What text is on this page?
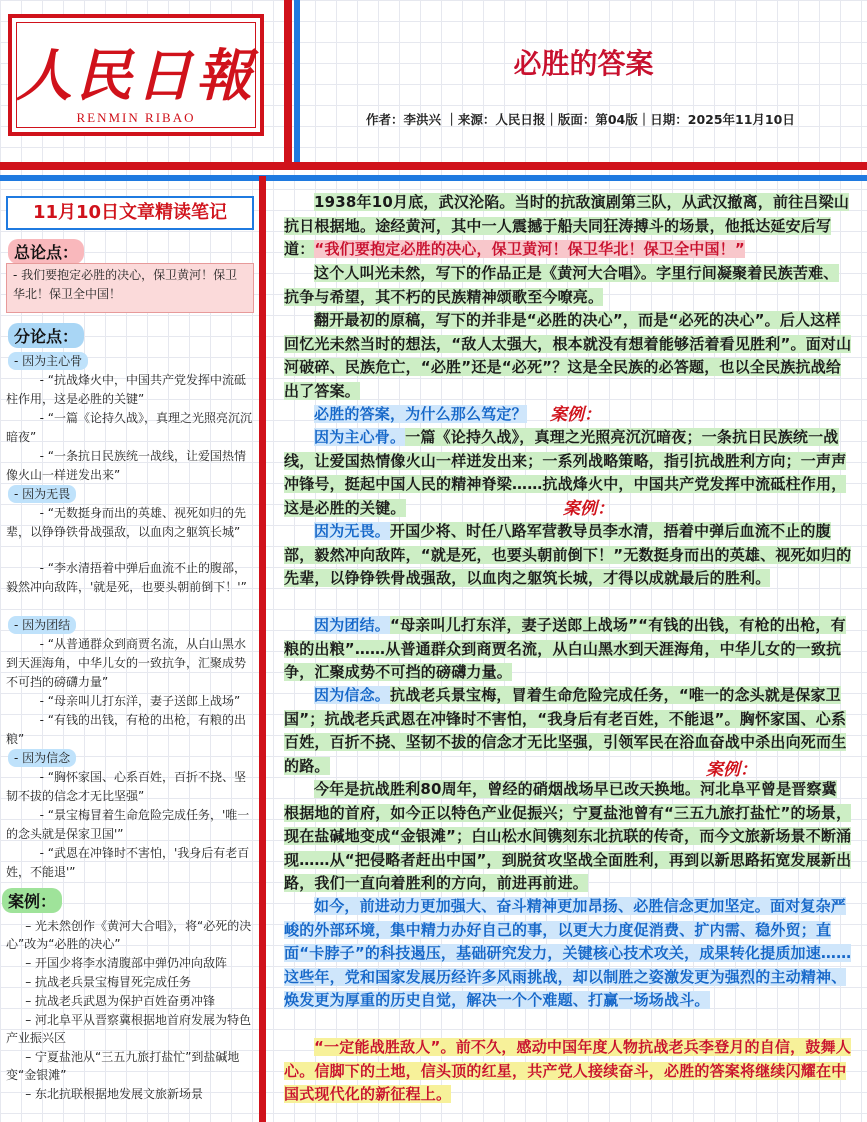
人民日報
RENMIN RIBAO
必胜的答案
作者：李洪兴 ｜来源：人民日报｜版面：第04版｜日期：2025年11月10日
11月10日文章精读笔记
总论点：
- 我们要抱定必胜的决心，保卫黄河！保卫华北！保卫全中国！
分论点：
- 因为主心骨
- “抗战烽火中，中国共产党发挥中流砥柱作用，这是必胜的关键”
- “一篇《论持久战》，真理之光照亮沉沉暗夜”
- “一条抗日民族统一战线，让爱国热情像火山一样迸发出来”
- 因为无畏
- “无数挺身而出的英雄、视死如归的先辈，以铮铮铁骨战强敌，以血肉之躯筑长城”
- “李水清捂着中弹后血流不止的腹部，毅然冲向敌阵，'就是死，也要头朝前倒下！'”
- 因为团结
- “从普通群众到商贾名流，从白山黑水到天涯海角，中华儿女的一致抗争，汇聚成势不可挡的磅礴力量”
- “母亲叫儿打东洋，妻子送郎上战场”
- “有钱的出钱，有枪的出枪，有粮的出粮”
- 因为信念
- “胸怀家国、心系百姓，百折不挠、坚韧不拔的信念才无比坚强”
- “景宝梅冒着生命危险完成任务，'唯一的念头就是保家卫国'”
- “武恩在冲锋时不害怕，'我身后有老百姓，不能退'”
案例：
– 光未然创作《黄河大合唱》，将“必死的决心”改为“必胜的决心”
– 开国少将李水清腹部中弹仍冲向敌阵
– 抗战老兵景宝梅冒死完成任务
– 抗战老兵武恩为保护百姓奋勇冲锋
– 河北阜平从晋察冀根据地首府发展为特色产业振兴区
– 宁夏盐池从“三五九旅打盐忙”到盐碱地变“金银滩”
– 东北抗联根据地发展文旅新场景
1938年10月底，武汉沦陷。当时的抗敌演剧第三队，从武汉撤离，前往吕梁山抗日根据地。途经黄河，其中一人震撼于船夫同狂涛搏斗的场景，他抵达延安后写道：“我们要抱定必胜的决心，保卫黄河！保卫华北！保卫全中国！”
这个人叫光未然，写下的作品正是《黄河大合唱》。字里行间凝聚着民族苦难、抗争与希望，其不朽的民族精神颂歌至今嘹亮。
翻开最初的原稿，写下的并非是“必胜的决心”，而是“必死的决心”。后人这样回忆光未然当时的想法，“敌人太强大，根本就没有想着能够活着看见胜利”。面对山河破碎、民族危亡，“必胜”还是“必死”？这是全民族的必答题，也以全民族抗战给出了答案。
必胜的答案，为什么那么笃定？
因为主心骨。一篇《论持久战》，真理之光照亮沉沉暗夜；一条抗日民族统一战线，让爱国热情像火山一样迸发出来；一系列战略策略，指引抗战胜利方向；一声声冲锋号，挺起中国人民的精神脊梁……抗战烽火中，中国共产党发挥中流砥柱作用，这是必胜的关键。
因为无畏。开国少将、时任八路军营教导员李水清，捂着中弹后血流不止的腹部，毅然冲向敌阵，“就是死，也要头朝前倒下！”无数挺身而出的英雄、视死如归的先辈，以铮铮铁骨战强敌，以血肉之躯筑长城，才得以成就最后的胜利。
因为团结。“母亲叫儿打东洋，妻子送郎上战场”“有钱的出钱，有枪的出枪，有粮的出粮”……从普通群众到商贾名流，从白山黑水到天涯海角，中华儿女的一致抗争，汇聚成势不可挡的磅礴力量。
因为信念。抗战老兵景宝梅，冒着生命危险完成任务，“唯一的念头就是保家卫国”；抗战老兵武恩在冲锋时不害怕，“我身后有老百姓，不能退”。胸怀家国、心系百姓，百折不挠、坚韧不拔的信念才无比坚强，引领军民在浴血奋战中杀出向死而生的路。
今年是抗战胜利80周年，曾经的硝烟战场早已改天换地。河北阜平曾是晋察冀根据地的首府，如今正以特色产业促振兴；宁夏盐池曾有“三五九旅打盐忙”的场景，现在盐碱地变成“金银滩”；白山松水间镌刻东北抗联的传奇，而今文旅新场景不断涌现……从“把侵略者赶出中国”，到脱贫攻坚战全面胜利，再到以新思路拓宽发展新出路，我们一直向着胜利的方向，前进再前进。
如今，前进动力更加强大、奋斗精神更加昂扬、必胜信念更加坚定。面对复杂严峻的外部环境，集中精力办好自己的事，以更大力度促消费、扩内需、稳外贸；直面“卡脖子”的科技遏压，基础研究发力，关键核心技术攻关，成果转化提质加速……这些年，党和国家发展历经许多风雨挑战，却以制胜之姿激发更为强烈的主动精神、焕发更为厚重的历史自觉，解决一个个难题、打赢一场场战斗。
“一定能战胜敌人”。前不久，感动中国年度人物抗战老兵李登月的自信，鼓舞人心。信脚下的土地，信头顶的红星，共产党人接续奋斗，必胜的答案将继续闪耀在中国式现代化的新征程上。
案例：
案例：
案例：
